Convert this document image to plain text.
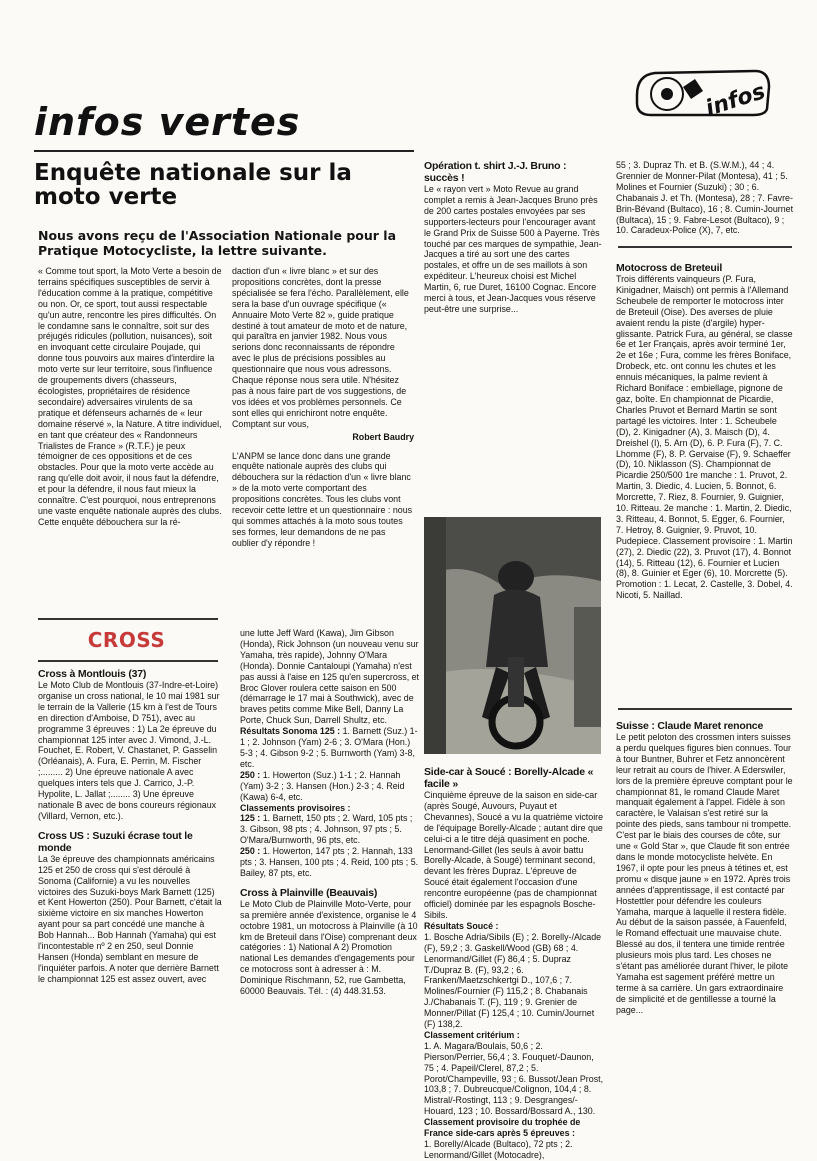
infos
infos vertes
Enquête nationale sur la moto verte

Nous avons reçu de l'Association Nationale pour la Pratique Motocycliste, la lettre suivante.

« Comme tout sport, la Moto Verte a besoin de terrains spécifiques susceptibles de servir à l'éducation comme à la pratique, compétitive ou non. Or, ce sport, tout aussi respectable qu'un autre, rencontre les pires difficultés. On le condamne sans le connaître, soit sur des préjugés ridicules (pollution, nuisances), soit en invoquant cette circulaire Poujade, qui donne tous pouvoirs aux maires d'interdire la moto verte sur leur territoire, sous l'influence de groupements divers (chasseurs, écologistes, propriétaires de résidence secondaire) adversaires virulents de sa pratique et défenseurs acharnés de « leur domaine réservé », la Nature. A titre individuel, en tant que créateur des « Randonneurs Trialistes de France » (R.T.F.) je peux témoigner de ces oppositions et de ces obstacles. Pour que la moto verte accède au rang qu'elle doit avoir, il nous faut la défendre, et pour la défendre, il nous faut mieux la connaître. C'est pourquoi, nous entreprenons une vaste enquête nationale auprès des clubs. Cette enquête débouchera sur la ré-

daction d'un « livre blanc » et sur des propositions concrètes, dont la presse spécialisée se fera l'écho. Parallèlement, elle sera la base d'un ouvrage spécifique (« Annuaire Moto Verte 82 », guide pratique destiné à tout amateur de moto et de nature, qui paraîtra en janvier 1982. Nous vous serions donc reconnaissants de répondre avec le plus de précisions possibles au questionnaire que nous vous adressons. Chaque réponse nous sera utile. N'hésitez pas à nous faire part de vos suggestions, de vos idées et vos problèmes personnels. Ce sont elles qui enrichiront notre enquête. Comptant sur vous,

Robert Baudry

L'ANPM se lance donc dans une grande enquête nationale auprès des clubs qui débouchera sur la rédaction d'un « livre blanc » de la moto verte comportant des propositions concrètes. Tous les clubs vont recevoir cette lettre et un questionnaire : nous qui sommes attachés à la moto sous toutes ses formes, leur demandons de ne pas oublier d'y répondre !

CROSS

Cross à Montlouis (37)

Le Moto Club de Montlouis (37-Indre-et-Loire) organise un cross national, le 10 mai 1981 sur le terrain de la Vallerie (15 km à l'est de Tours en direction d'Amboise, D 751), avec au programme 3 épreuves : 1) La 2e épreuve du championnat 125 inter avec J. Vimond, J.-L. Fouchet, E. Robert, V. Chastanet, P. Gasselin (Orléanais), A. Fura, E. Perrin, M. Fischer ;......... 2) Une épreuve nationale A avec quelques inters tels que J. Carrico, J.-P. Hypolite, L. Jallat ;........ 3) Une épreuve nationale B avec de bons coureurs régionaux (Villard, Vernon, etc.).

Cross US : Suzuki écrase tout le monde

La 3e épreuve des championnats américains 125 et 250 de cross qui s'est déroulé à Sonoma (Californie) a vu les nouvelles victoires des Suzuki-boys Mark Barnett (125) et Kent Howerton (250). Pour Barnett, c'était la sixième victoire en six manches Howerton ayant pour sa part concédé une manche à Bob Hannah... Bob Hannah (Yamaha) qui est l'incontestable nº 2 en 250, seul Donnie Hansen (Honda) semblant en mesure de l'inquiéter parfois. A noter que derrière Barnett le championnat 125 est assez ouvert, avec

une lutte Jeff Ward (Kawa), Jim Gibson (Honda), Rick Johnson (un nouveau venu sur Yamaha, très rapide), Johnny O'Mara (Honda). Donnie Cantaloupi (Yamaha) n'est pas aussi à l'aise en 125 qu'en supercross, et Broc Glover roulera cette saison en 500 (démarrage le 17 mai à Southwick), avec de braves petits comme Mike Bell, Danny La Porte, Chuck Sun, Darrell Shultz, etc.

Résultats Sonoma 125 : 1. Barnett (Suz.) 1-1 ; 2. Johnson (Yam) 2-6 ; 3. O'Mara (Hon.) 5-3 ; 4. Gibson 9-2 ; 5. Burnworth (Yam) 3-8, etc.

250 : 1. Howerton (Suz.) 1-1 ; 2. Hannah (Yam) 3-2 ; 3. Hansen (Hon.) 2-3 ; 4. Reid (Kawa) 6-4, etc.

Classements provisoires :

125 : 1. Barnett, 150 pts ; 2. Ward, 105 pts ; 3. Gibson, 98 pts ; 4. Johnson, 97 pts ; 5. O'Mara/Burnworth, 96 pts, etc.

250 : 1. Howerton, 147 pts ; 2. Hannah, 133 pts ; 3. Hansen, 100 pts ; 4. Reid, 100 pts ; 5. Bailey, 87 pts, etc.

Cross à Plainville (Beauvais)

Le Moto Club de Plainville Moto-Verte, pour sa première année d'existence, organise le 4 octobre 1981, un motocross à Plainville (à 10 km de Breteuil dans l'Oise) comprenant deux catégories : 1) National A 2) Promotion national Les demandes d'engagements pour ce motocross sont à adresser à : M. Dominique Rischmann, 52, rue Gambetta, 60000 Beauvais. Tél. : (4) 448.31.53.

Opération t. shirt J.-J. Bruno : succès !

Le « rayon vert » Moto Revue au grand complet a remis à Jean-Jacques Bruno près de 200 cartes postales envoyées par ses supporters-lecteurs pour l'encourager avant le Grand Prix de Suisse 500 à Payerne. Très touché par ces marques de sympathie, Jean-Jacques a tiré au sort une des cartes postales, et offre un de ses maillots à son expéditeur. L'heureux choisi est Michel Martin, 6, rue Duret, 16100 Cognac. Encore merci à tous, et Jean-Jacques vous réserve peut-être une surprise...

Side-car à Soucé : Borelly-Alcade « facile »

Cinquième épreuve de la saison en side-car (après Sougé, Auvours, Puyaut et Chevannes), Soucé a vu la quatrième victoire de l'équipage Borelly-Alcade ; autant dire que celui-ci a le titre déjà quasiment en poche. Lenormand-Gillet (les seuls à avoir battu Borelly-Alcade, à Sougé) terminant second, devant les frères Dupraz. L'épreuve de Soucé était également l'occasion d'une rencontre européenne (pas de championnat officiel) dominée par les espagnols Bosche-Sibils.

Résultats Soucé :

1. Bosche Adria/Sibils (E) ; 2. Borelly-/Alcade (F), 59,2 ; 3. Gaskell/Wood (GB) 68 ; 4. Lenormand/Gillet (F) 86,4 ; 5. Dupraz T./Dupraz B. (F), 93,2 ; 6. Franken/Maetzschkertgi D., 107,6 ; 7. Molines/Fournier (F) 115,2 ; 8. Chabanais J./Chabanais T. (F), 119 ; 9. Grenier de Monner/Pillat (F) 125,4 ; 10. Cumin/Journet (F) 138,2.

Classement critérium :

1. A. Magara/Boulais, 50,6 ; 2. Pierson/Perrier, 56,4 ; 3. Fouquet/-Daunon, 75 ; 4. Papeil/Clerel, 87,2 ; 5. Porot/Champeville, 93 ; 6. Bussot/Jean Prost, 103,8 ; 7. Dubreucque/Colignon, 104,4 ; 8. Mistral/-Rostingt, 113 ; 9. Desgranges/-Houard, 123 ; 10. Bossard/Bossard A., 130.

Classement provisoire du trophée de France side-cars après 5 épreuves :

1. Borelly/Alcade (Bultaco), 72 pts ; 2. Lenormand/Gillet (Motocadre),

55 ; 3. Dupraz Th. et B. (S.W.M.), 44 ; 4. Grennier de Monner-Pilat (Montesa), 41 ; 5. Molines et Fournier (Suzuki) ; 30 ; 6. Chabanais J. et Th. (Montesa), 28 ; 7. Favre-Brin-Bévand (Bultaco), 16 ; 8. Cumin-Journet (Bultaca), 15 ; 9. Fabre-Lesot (Bultaco), 9 ; 10. Caradeux-Police (X), 7, etc.

Motocross de Breteuil

Trois différents vainqueurs (P. Fura, Kinigadner, Maisch) ont permis à l'Allemand Scheubele de remporter le motocross inter de Breteuil (Oise). Des averses de pluie avaient rendu la piste (d'argile) hyper-glissante. Patrick Fura, au général, se classe 6e et 1er Français, après avoir terminé 1er, 2e et 16e ; Fura, comme les frères Boniface, Drobeck, etc. ont connu les chutes et les ennuis mécaniques, la palme revient à Richard Boniface : embiellage, pignone de gaz, boîte. En championnat de Picardie, Charles Pruvot et Bernard Martin se sont partagé les victoires. Inter : 1. Scheubele (D), 2. Kinigadner (A), 3. Maisch (D), 4. Dreishel (I), 5. Arn (D), 6. P. Fura (F), 7. C. Lhomme (F), 8. P. Gervaise (F), 9. Schaeffer (D), 10. Niklasson (S). Championnat de Picardie 250/500 1re manche : 1. Pruvot, 2. Martin, 3. Diedic, 4. Lucien, 5. Bonnot, 6. Morcrette, 7. Riez, 8. Fournier, 9. Guignier, 10. Ritteau. 2e manche : 1. Martin, 2. Diedic, 3. Ritteau, 4. Bonnot, 5. Egger, 6. Fournier, 7. Hetroy, 8. Guignier, 9. Pruvot, 10. Pudepiece. Classement provisoire : 1. Martin (27), 2. Diedic (22), 3. Pruvot (17), 4. Bonnot (14), 5. Ritteau (12), 6. Fournier et Lucien (8), 8. Guinier et Eger (6), 10. Morcrette (5). Promotion : 1. Lecat, 2. Castelle, 3. Dobel, 4. Nicoti, 5. Naillad.

Suisse : Claude Maret renonce

Le petit peloton des crossmen inters suisses a perdu quelques figures bien connues. Tour à tour Buntner, Buhrer et Fetz annoncèrent leur retrait au cours de l'hiver. A Ederswiler, lors de la première épreuve comptant pour le championnat 81, le romand Claude Maret manquait également à l'appel. Fidèle à son caractère, le Valaisan s'est retiré sur la pointe des pieds, sans tambour ni trompette. C'est par le biais des courses de côte, sur une « Gold Star », que Claude fit son entrée dans le monde motocycliste helvète. En 1967, il opte pour les pneus à tétines et, est promu « disque jaune » en 1972. Après trois années d'apprentissage, il est contacté par Hostettler pour défendre les couleurs Yamaha, marque à laquelle il restera fidèle. Au début de la saison passée, à Fauenfeld, le Romand effectuait une mauvaise chute. Blessé au dos, il tentera une timide rentrée plusieurs mois plus tard. Les choses ne s'étant pas améliorée durant l'hiver, le pilote Yamaha est sagement préféré mettre un terme à sa carrière. Un gars extraordinaire de simplicité et de gentillesse a tourné la page...
